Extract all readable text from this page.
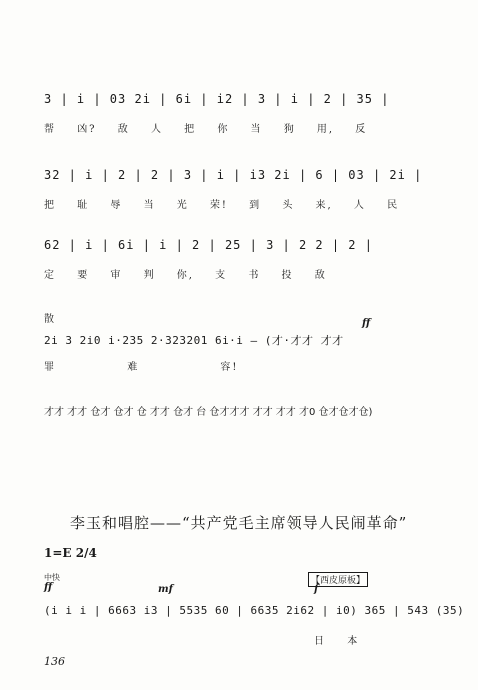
3 | i | 03 2i | 6i | i2 | 3 | i | 2 | 35 |
帮 凶? 敌 人 把 你 当 狗 用, 反
32 | i | 2 | 2 | 3 | i | i3 2i | 6 | 03 | 2i |
把 耻 辱 当 光 荣! 到 头 来, 人 民
62 | i | 6i | i | 2 | 25 | 3 | 2 2 | 2 |
定 要 审 判 你, 支 书 投 敌
散	ff
2i 3 2i0 i·235 2·323201 6i·i — (才·才才 才才
罪	难	容!
才才 才才 仓才 仓才 仓 才才 仓才 台 仓才才才 才才 才才 才0 仓才仓才仓)
李玉和唱腔——“共产党毛主席领导人民闹革命”
1=E 2/4
中快
ff	mf
【西皮原板】
f
(i i i | 6663 i3 | 5535 60 | 6635 2i62 | i0) 365 | 543 (35)
日 本
136
